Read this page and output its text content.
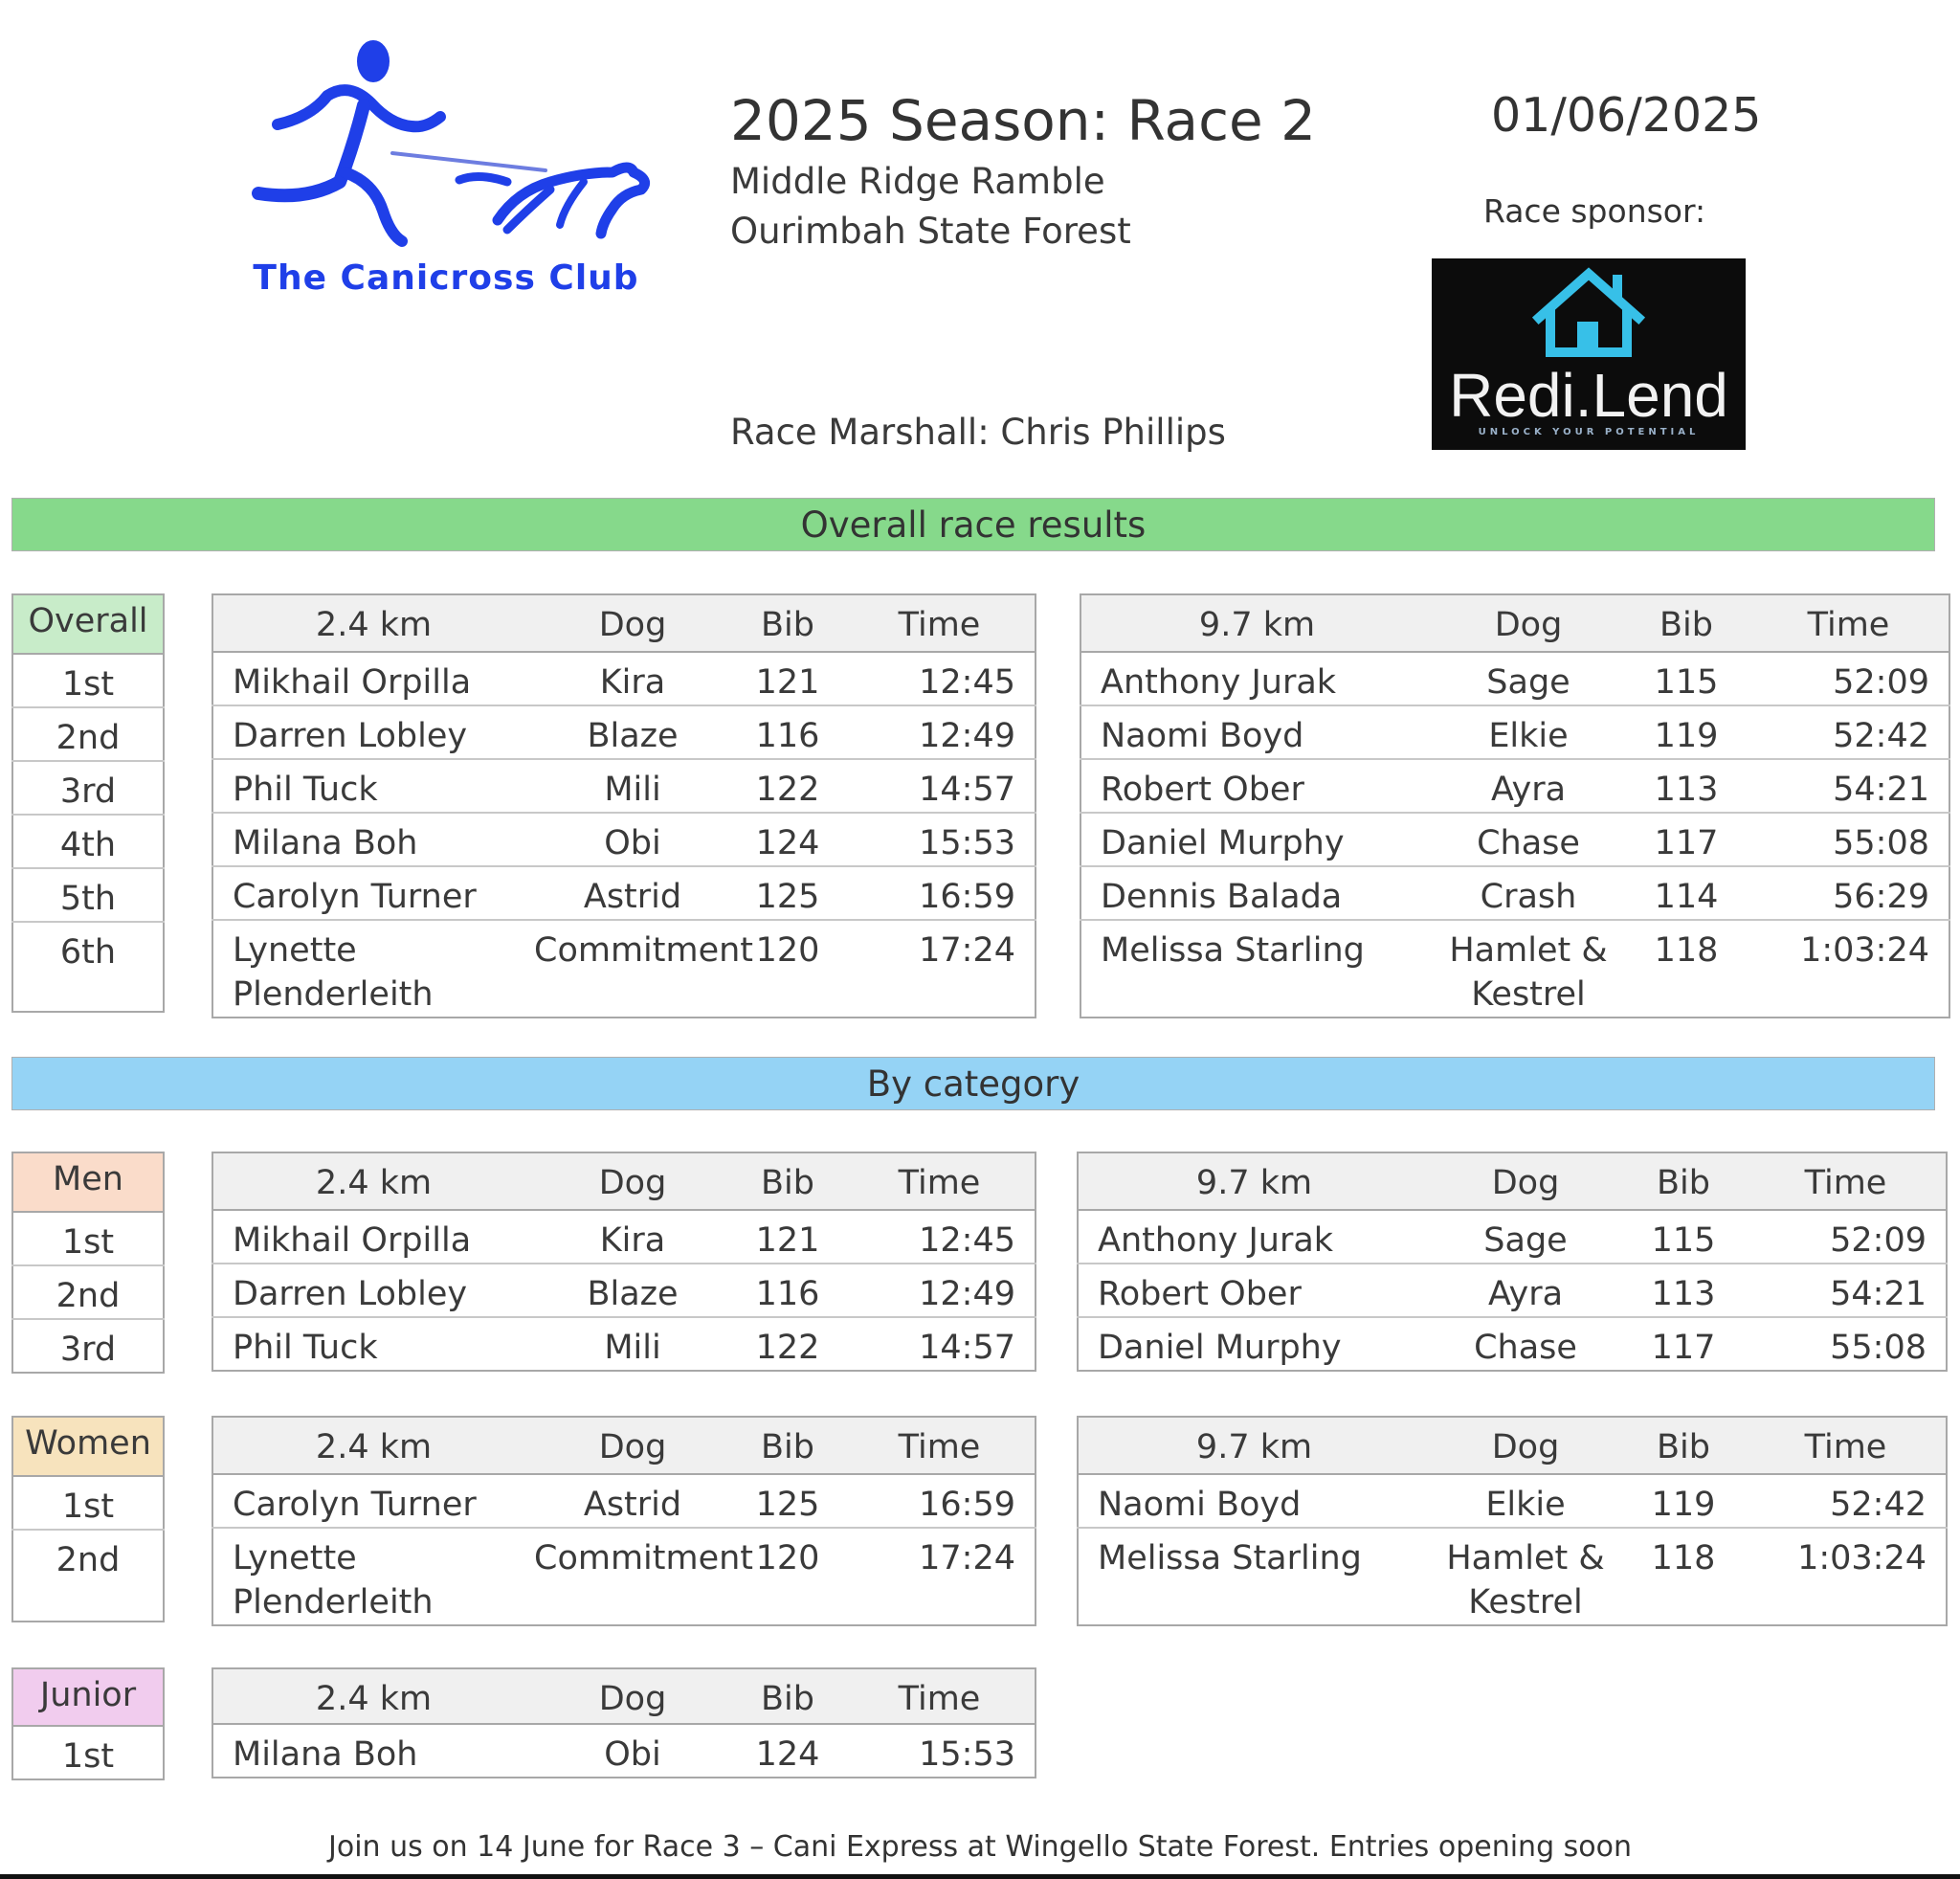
The Canicross Club
2025 Season: Race 2
Middle Ridge Ramble
Ourimbah State Forest
01/06/2025
Race sponsor:
Redi.Lend
UNLOCK YOUR POTENTIAL
Race Marshall: Chris Phillips
Overall race results
By category
Overall
1st
2nd
3rd
4th
5th
6th
2.4 km	Dog	Bib	Time
Mikhail Orpilla	Kira	121	12:45
Darren Lobley	Blaze	116	12:49
Phil Tuck	Mili	122	14:57
Milana Boh	Obi	124	15:53
Carolyn Turner	Astrid	125	16:59
Lynette Plenderleith	Commitment	120	17:24
9.7 km	Dog	Bib	Time
Anthony Jurak	Sage	115	52:09
Naomi Boyd	Elkie	119	52:42
Robert Ober	Ayra	113	54:21
Daniel Murphy	Chase	117	55:08
Dennis Balada	Crash	114	56:29
Melissa Starling	Hamlet & Kestrel	118	1:03:24
Men
1st
2nd
3rd
2.4 km	Dog	Bib	Time
Mikhail Orpilla	Kira	121	12:45
Darren Lobley	Blaze	116	12:49
Phil Tuck	Mili	122	14:57
9.7 km	Dog	Bib	Time
Anthony Jurak	Sage	115	52:09
Robert Ober	Ayra	113	54:21
Daniel Murphy	Chase	117	55:08
Women
1st
2nd
2.4 km	Dog	Bib	Time
Carolyn Turner	Astrid	125	16:59
Lynette Plenderleith	Commitment	120	17:24
9.7 km	Dog	Bib	Time
Naomi Boyd	Elkie	119	52:42
Melissa Starling	Hamlet & Kestrel	118	1:03:24
Junior
1st
2.4 km	Dog	Bib	Time
Milana Boh	Obi	124	15:53
Join us on 14 June for Race 3 – Cani Express at Wingello State Forest. Entries opening soon
